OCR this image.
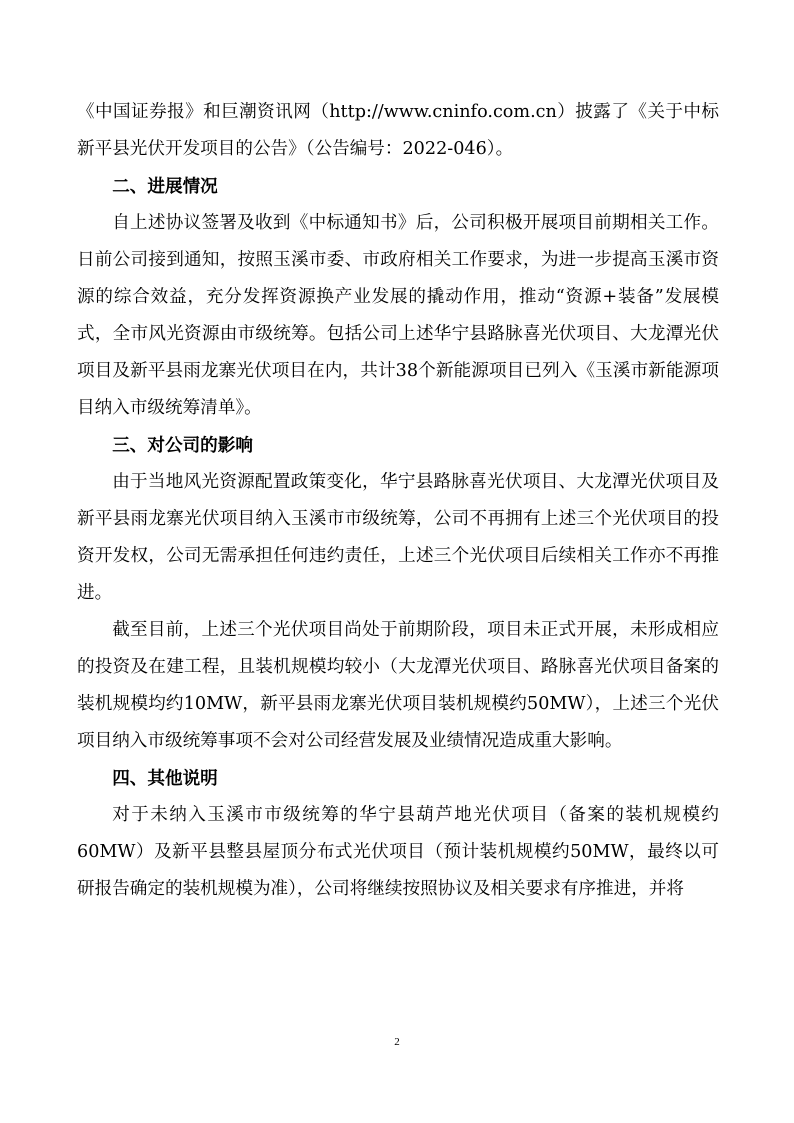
《中国证券报》和巨潮资讯网（http://www.cninfo.com.cn）披露了《关于中标新平县光伏开发项目的公告》（公告编号：2022-046）。

二、进展情况

自上述协议签署及收到《中标通知书》后，公司积极开展项目前期相关工作。日前公司接到通知，按照玉溪市委、市政府相关工作要求，为进一步提高玉溪市资源的综合效益，充分发挥资源换产业发展的撬动作用，推动“资源+装备”发展模式，全市风光资源由市级统筹。包括公司上述华宁县路脉喜光伏项目、大龙潭光伏项目及新平县雨龙寨光伏项目在内，共计38个新能源项目已列入《玉溪市新能源项目纳入市级统筹清单》。

三、对公司的影响

由于当地风光资源配置政策变化，华宁县路脉喜光伏项目、大龙潭光伏项目及新平县雨龙寨光伏项目纳入玉溪市市级统筹，公司不再拥有上述三个光伏项目的投资开发权，公司无需承担任何违约责任，上述三个光伏项目后续相关工作亦不再推进。

截至目前，上述三个光伏项目尚处于前期阶段，项目未正式开展，未形成相应的投资及在建工程，且装机规模均较小（大龙潭光伏项目、路脉喜光伏项目备案的装机规模均约10MW，新平县雨龙寨光伏项目装机规模约50MW），上述三个光伏项目纳入市级统筹事项不会对公司经营发展及业绩情况造成重大影响。

四、其他说明

对于未纳入玉溪市市级统筹的华宁县葫芦地光伏项目（备案的装机规模约60MW）及新平县整县屋顶分布式光伏项目（预计装机规模约50MW，最终以可研报告确定的装机规模为准），公司将继续按照协议及相关要求有序推进，并将

2
